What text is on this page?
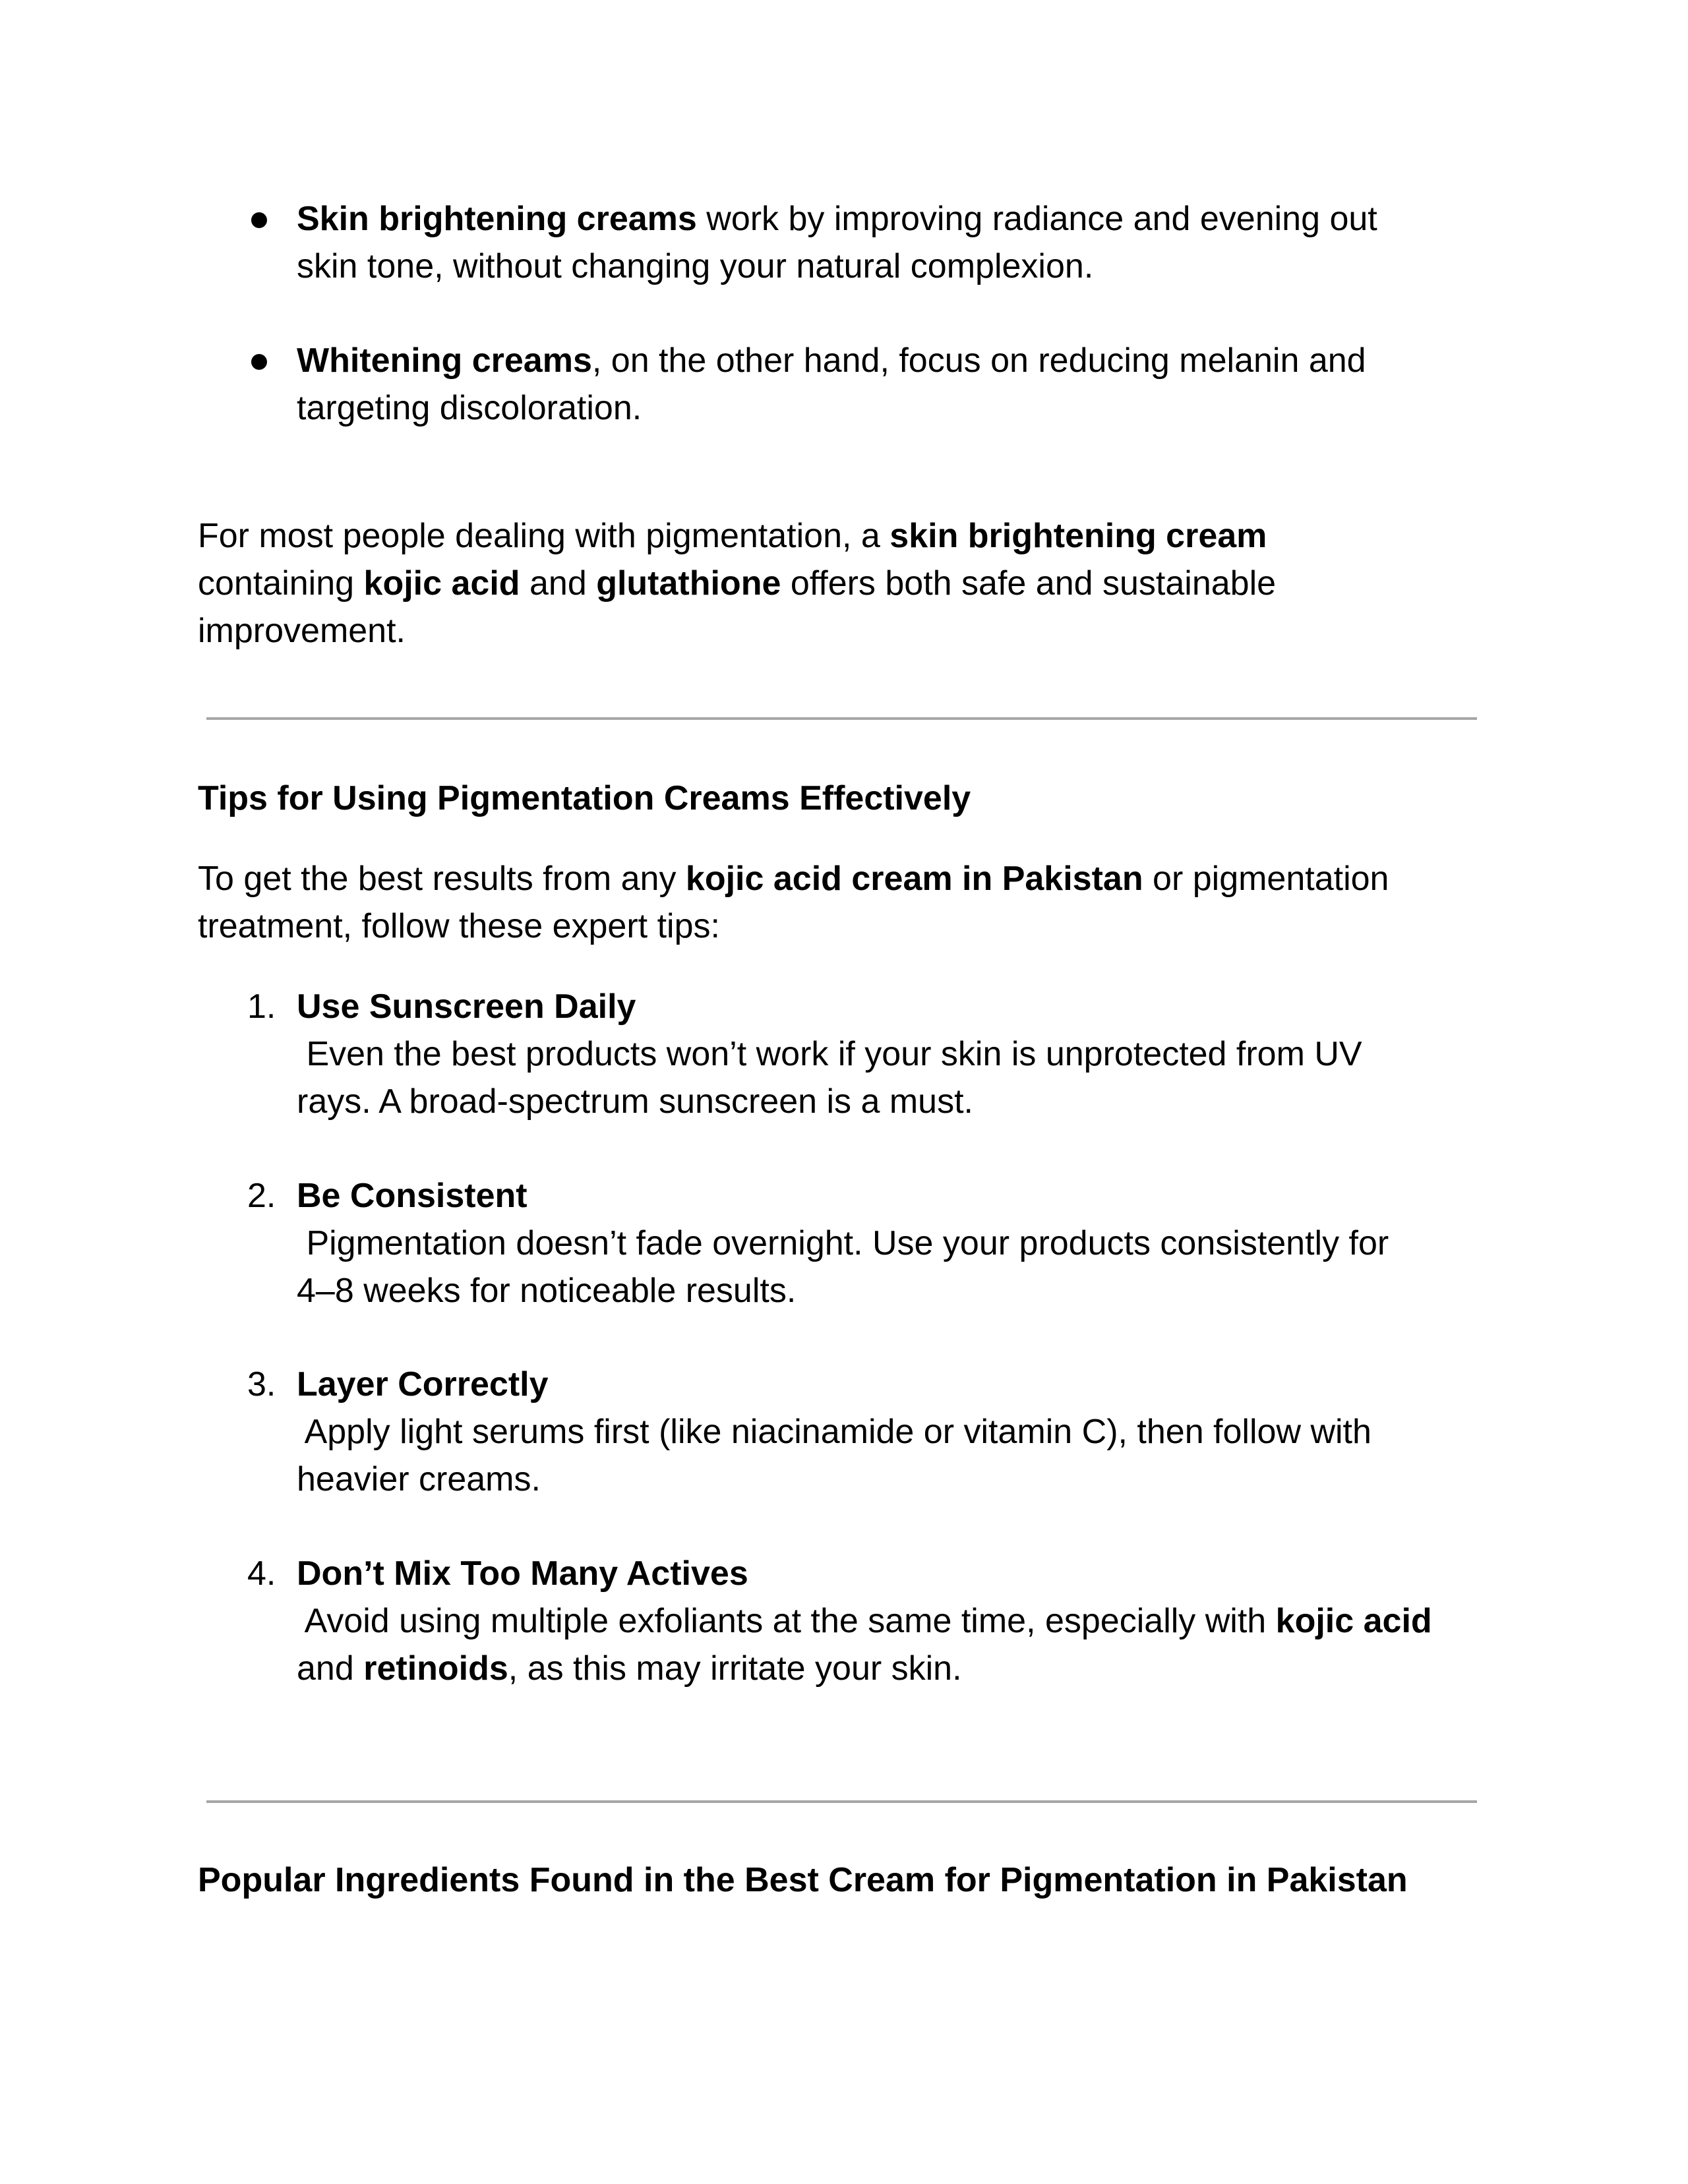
Skin brightening creams work by improving radiance and evening out
skin tone, without changing your natural complexion.
Whitening creams, on the other hand, focus on reducing melanin and
targeting discoloration.
For most people dealing with pigmentation, a skin brightening cream
containing kojic acid and glutathione offers both safe and sustainable
improvement.
Tips for Using Pigmentation Creams Effectively
To get the best results from any kojic acid cream in Pakistan or pigmentation
treatment, follow these expert tips:
1. Use Sunscreen Daily
Even the best products won’t work if your skin is unprotected from UV
rays. A broad-spectrum sunscreen is a must.
2. Be Consistent
Pigmentation doesn’t fade overnight. Use your products consistently for
4–8 weeks for noticeable results.
3. Layer Correctly
Apply light serums first (like niacinamide or vitamin C), then follow with
heavier creams.
4. Don’t Mix Too Many Actives
Avoid using multiple exfoliants at the same time, especially with kojic acid
and retinoids, as this may irritate your skin.
Popular Ingredients Found in the Best Cream for Pigmentation in Pakistan
